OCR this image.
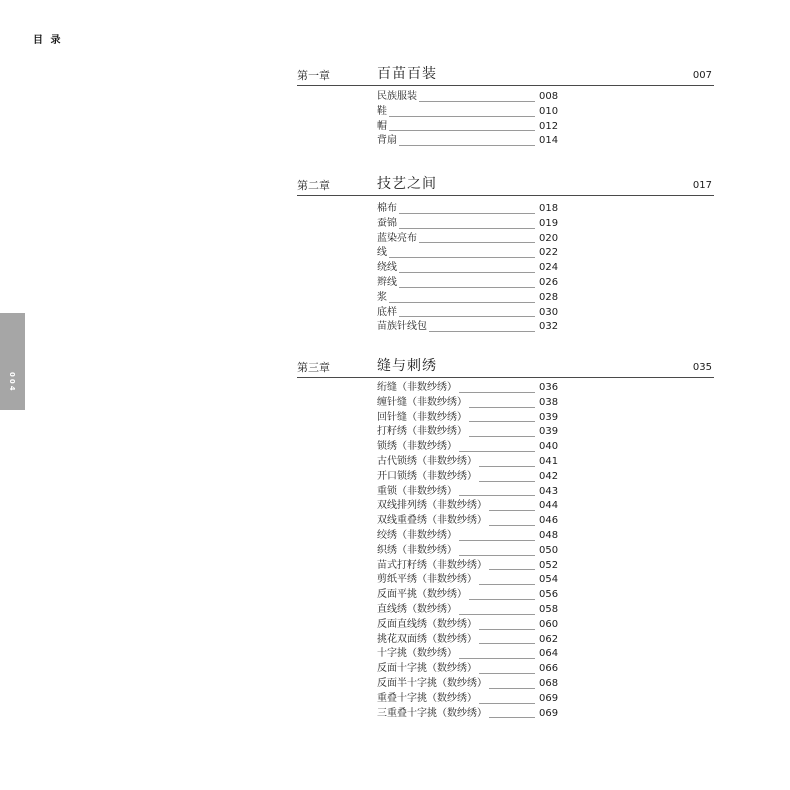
目 录
004
第一章	百苗百装	007
民族服装	008
鞋	010
帽	012
背扇	014
第二章	技艺之间	017
棉布	018
蚕锦	019
蓝染亮布	020
线	022
绕线	024
辫线	026
浆	028
底样	030
苗族针线包	032
第三章	缝与刺绣	035
绗缝（非数纱绣）	036
缠针缝（非数纱绣）	038
回针缝（非数纱绣）	039
打籽绣（非数纱绣）	039
锁绣（非数纱绣）	040
古代锁绣（非数纱绣）	041
开口锁绣（非数纱绣）	042
重锁（非数纱绣）	043
双线排列绣（非数纱绣）	044
双线重叠绣（非数纱绣）	046
绞绣（非数纱绣）	048
织绣（非数纱绣）	050
苗式打籽绣（非数纱绣）	052
剪纸平绣（非数纱绣）	054
反面平挑（数纱绣）	056
直线绣（数纱绣）	058
反面直线绣（数纱绣）	060
挑花双面绣（数纱绣）	062
十字挑（数纱绣）	064
反面十字挑（数纱绣）	066
反面半十字挑（数纱绣）	068
重叠十字挑（数纱绣）	069
三重叠十字挑（数纱绣）	069
